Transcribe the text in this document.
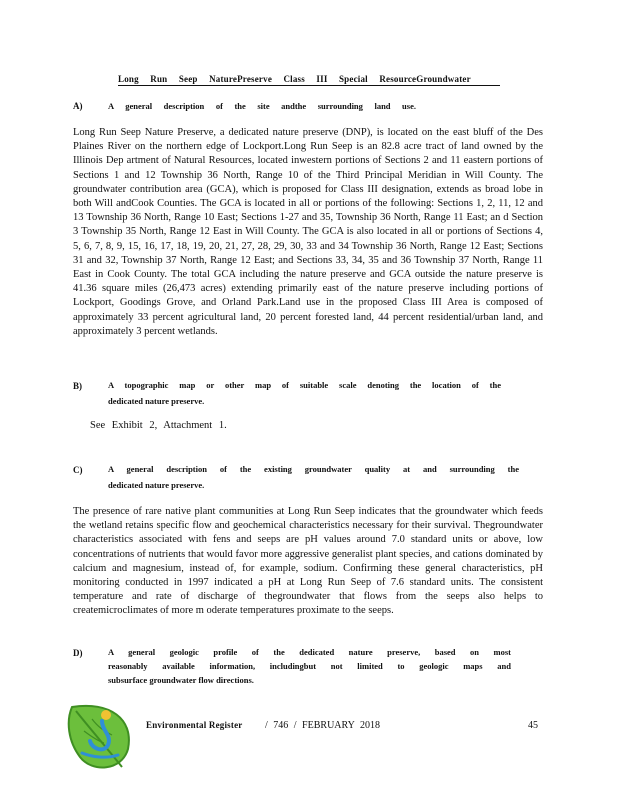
Long Run Seep NaturePreserve Class III Special ResourceGroundwater
A)	A general description of the site andthe surrounding land use.

Long Run Seep Nature Preserve, a dedicated nature preserve (DNP), is located on the east bluff of the Des Plaines River on the northern edge of Lockport.Long Run Seep is an 82.8 acre tract of land owned by the Illinois Dep artment of Natural Resources, located inwestern portions of Sections 2 and 11 eastern portions of Sections 1 and 12 Township 36 North, Range 10 of the Third Principal Meridian in Will County. The groundwater contribution area (GCA), which is proposed for Class III designation, extends as broad lobe in both Will andCook Counties. The GCA is located in all or portions of the following: Sections 1, 2, 11, 12 and 13 Township 36 North, Range 10 East; Sections 1-27 and 35, Township 36 North, Range 11 East; an d Section 3 Township 35 North, Range 12 East in Will County. The GCA is also located in all or portions of Sections 4, 5, 6, 7, 8, 9, 15, 16, 17, 18, 19, 20, 21, 27, 28, 29, 30, 33 and 34 Township 36 North, Range 12 East; Sections 31 and 32, Township 37 North, Range 12 East; and Sections 33, 34, 35 and 36 Township 37 North, Range 11 East in Cook County. The total GCA including the nature preserve and GCA outside the nature preserve is 41.36 square miles (26,473 acres) extending primarily east of the nature preserve including portions of Lockport, Goodings Grove, and Orland Park.Land use in the proposed Class III Area is composed of approximately 33 percent agricultural land, 20 percent forested land, 44 percent residential/urban land, and approximately 3 percent wetlands.

B)	A topographic map or other map of suitable scale denoting the location of the
dedicated nature preserve.
See Exhibit 2, Attachment 1.
C)	A general description of the existing groundwater quality at and surrounding the
dedicated nature preserve.

The presence of rare native plant communities at Long Run Seep indicates that the groundwater which feeds the wetland retains specific flow and geochemical characteristics necessary for their survival. Thegroundwater characteristics associated with fens and seeps are pH values around 7.0 standard units or above, low concentrations of nutrients that would favor more aggressive generalist plant species, and cations dominated by calcium and magnesium, instead of, for example, sodium. Confirming these general characteristics, pH monitoring conducted in 1997 indicated a pH at Long Run Seep of 7.6 standard units. The consistent temperature and rate of discharge of thegroundwater that flows from the seeps also helps to createmicroclimates of more m oderate temperatures proximate to the seeps.

D)	A general geologic profile of the dedicated nature preserve, based on most
reasonably available information, includingbut not limited to geologic maps and
subsurface groundwater flow directions.
Environmental Register / 746 / FEBRUARY 2018	45
